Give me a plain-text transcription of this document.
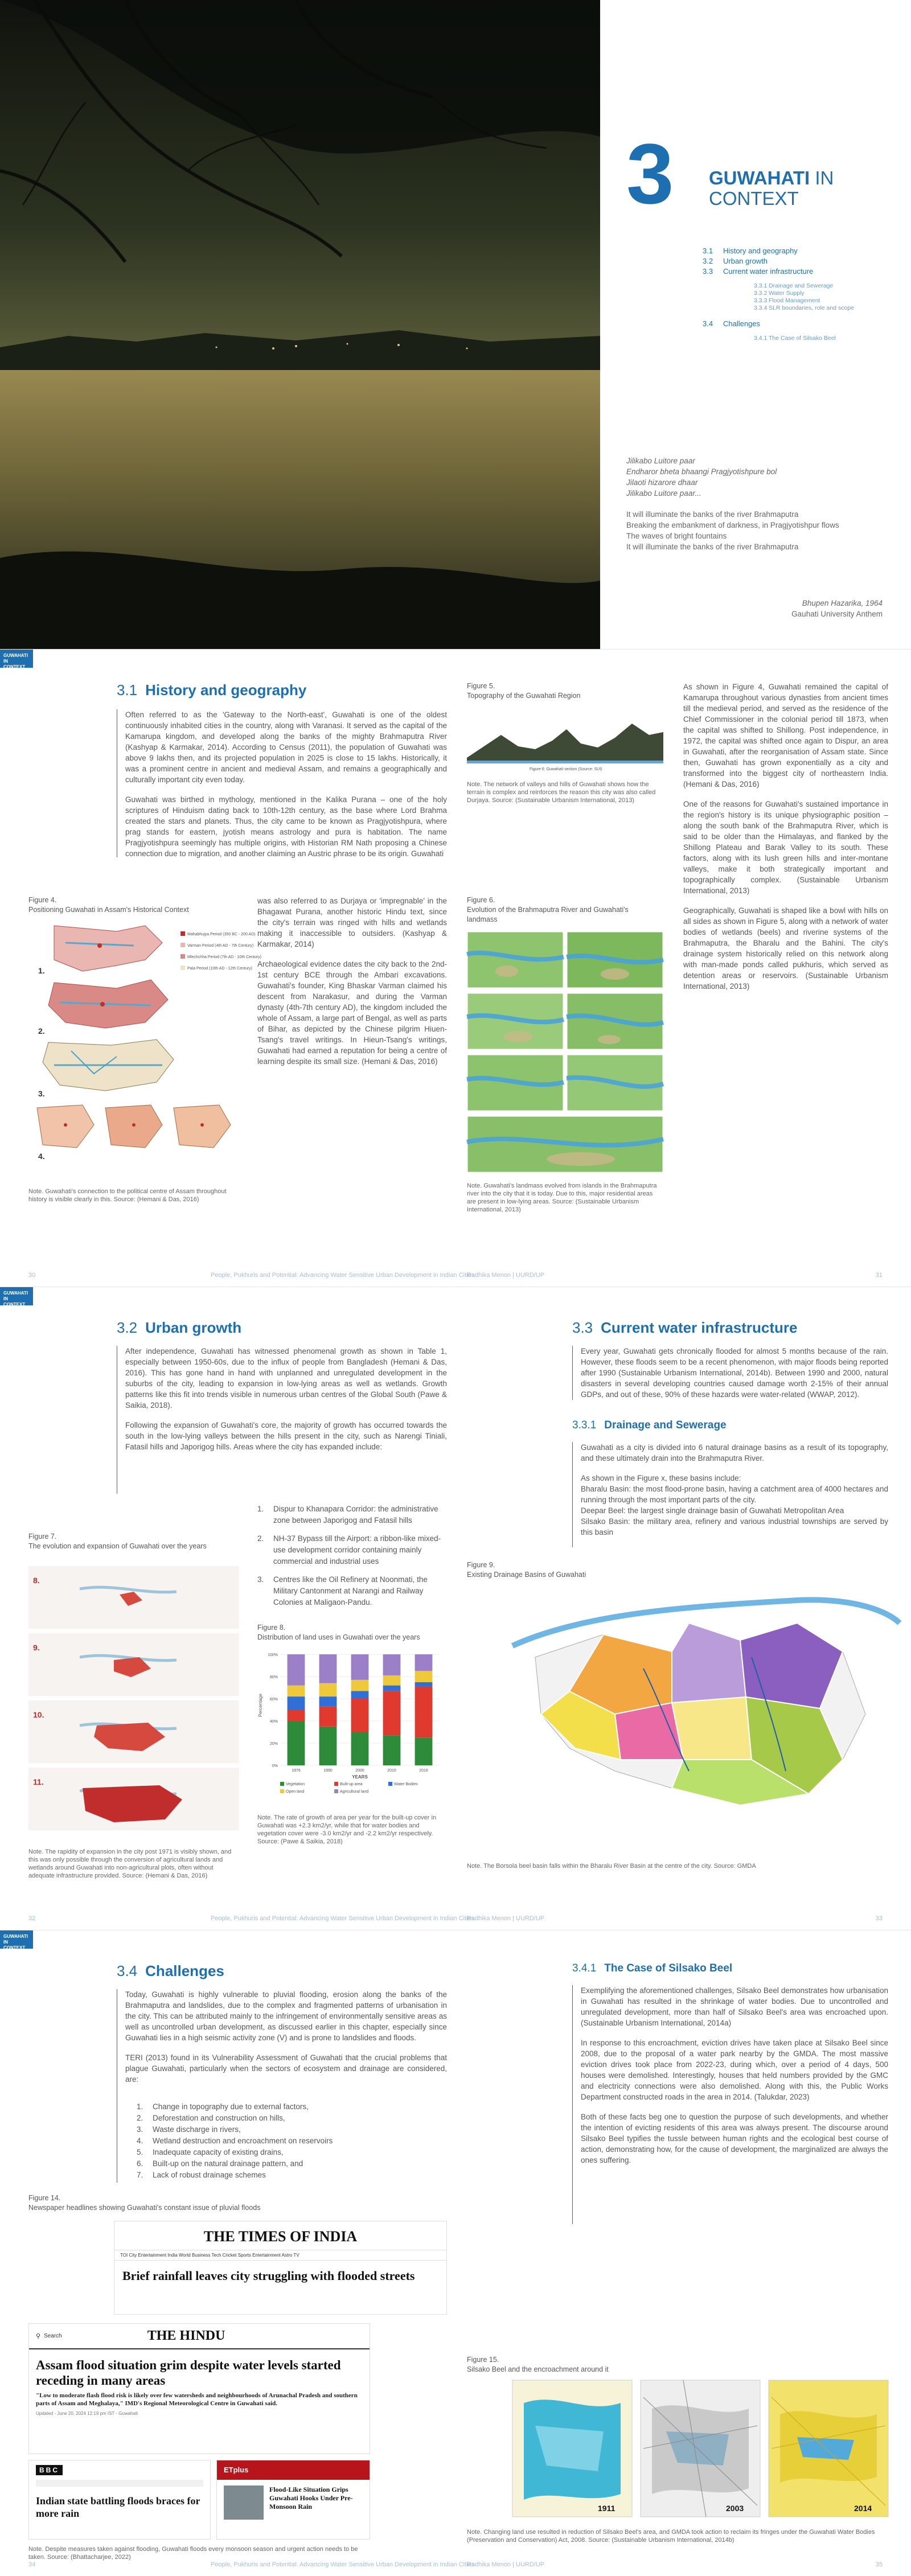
3 GUWAHATI IN
CONTEXT
3.1	History and geography
3.2	Urban growth
3.3	Current water infrastructure
3.3.1 Drainage and Sewerage
3.3.2 Water Supply
3.3.3 Flood Management
3.3.4 SLR boundaries, role and scope
3.4	Challenges
3.4.1 The Case of Silsako Beel
Jilikabo Luitore paar
Endharor bheta bhaangi Pragjyotishpure bol
Jilaoti hizarore dhaar
Jilikabo Luitore paar...
It will illuminate the banks of the river Brahmaputra
Breaking the embankment of darkness, in Pragjyotishpur flows
The waves of bright fountains
It will illuminate the banks of the river Brahmaputra
Bhupen Hazarika, 1964
Gauhati University Anthem
GUWAHATI IN
CONTEXT
3.1 History and geography

Often referred to as the 'Gateway to the North-east', Guwahati is one of the oldest continuously inhabited cities in the country, along with Varanasi. It served as the capital of the Kamarupa kingdom, and developed along the banks of the mighty Brahmaputra River (Kashyap & Karmakar, 2014). According to Census (2011), the population of Guwahati was above 9 lakhs then, and its projected population in 2025 is close to 15 lakhs. Historically, it was a prominent centre in ancient and medieval Assam, and remains a geographically and culturally important city even today.

Guwahati was birthed in mythology, mentioned in the Kalika Purana – one of the holy scriptures of Hinduism dating back to 10th-12th century, as the base where Lord Brahma created the stars and planets. Thus, the city came to be known as Pragjyotishpura, where prag stands for eastern, jyotish means astrology and pura is habitation. The name Pragjyotishpura seemingly has multiple origins, with Historian RM Nath proposing a Chinese connection due to migration, and another claiming an Austric phrase to be its origin. Guwahati

Figure 4.
Positioning Guwahati in Assam's Historical Context
1.
2.
3.
4.
Mahabhujya Period (350 BC - 200 AD)
Varman Period (4th AD - 7th Century)
Mlechchha Period (7th AD - 10th Century)
Pala Period (10th AD - 12th Century)
Note. Guwahati's connection to the political centre of Assam throughout history is visible clearly in this. Source: (Hemani & Das, 2016)

was also referred to as Durjaya or 'impregnable' in the Bhagawat Purana, another historic Hindu text, since the city's terrain was ringed with hills and wetlands making it inaccessible to outsiders. (Kashyap & Karmakar, 2014)

Archaeological evidence dates the city back to the 2nd-1st century BCE through the Ambari excavations. Guwahati's founder, King Bhaskar Varman claimed his descent from Narakasur, and during the Varman dynasty (4th-7th century AD), the kingdom included the whole of Assam, a large part of Bengal, as well as parts of Bihar, as depicted by the Chinese pilgrim Hiuen-Tsang's travel writings. In Hieun-Tsang's writings, Guwahati had earned a reputation for being a centre of learning despite its small size. (Hemani & Das, 2016)

Figure 5.
Topography of the Guwahati Region
Figure 6: Guwahati section (Source: SUI)
Note. The network of valleys and hills of Guwahati shows how the terrain is complex and reinforces the reason this city was also called Durjaya. Source: (Sustainable Urbanism International, 2013)
Figure 6.
Evolution of the Brahmaputra River and Guwahati's landmass
Note. Guwahati's landmass evolved from islands in the Brahmaputra river into the city that it is today. Due to this, major residential areas are present in low-lying areas. Source: (Sustainable Urbanism International, 2013)

As shown in Figure 4, Guwahati remained the capital of Kamarupa throughout various dynasties from ancient times till the medieval period, and served as the residence of the Chief Commissioner in the colonial period till 1873, when the capital was shifted to Shillong. Post independence, in 1972, the capital was shifted once again to Dispur, an area in Guwahati, after the reorganisation of Assam state. Since then, Guwahati has grown exponentially as a city and transformed into the biggest city of northeastern India. (Hemani & Das, 2016)

One of the reasons for Guwahati's sustained importance in the region's history is its unique physiographic position – along the south bank of the Brahmaputra River, which is said to be older than the Himalayas, and flanked by the Shillong Plateau and Barak Valley to its south. These factors, along with its lush green hills and inter-montane valleys, make it both strategically important and topographically complex. (Sustainable Urbanism International, 2013)

Geographically, Guwahati is shaped like a bowl with hills on all sides as shown in Figure 5, along with a network of water bodies of wetlands (beels) and riverine systems of the Brahmaputra, the Bharalu and the Bahini. The city's drainage system historically relied on this network along with man-made ponds called pukhuris, which served as detention areas or reservoirs. (Sustainable Urbanism International, 2013)

30	People, Pukhuris and Potential: Advancing Water Sensitive Urban Development in Indian Cities
Radhika Menon | UURD/UP	31
GUWAHATI IN
CONTEXT
3.2 Urban growth

After independence, Guwahati has witnessed phenomenal growth as shown in Table 1, especially between 1950-60s, due to the influx of people from Bangladesh (Hemani & Das, 2016). This has gone hand in hand with unplanned and unregulated development in the suburbs of the city, leading to expansion in low-lying areas as well as wetlands. Growth patterns like this fit into trends visible in numerous urban centres of the Global South (Pawe & Saikia, 2018).

Following the expansion of Guwahati's core, the majority of growth has occurred towards the south in the low-lying valleys between the hills present in the city, such as Narengi Tiniali, Fatasil hills and Japorigog hills. Areas where the city has expanded include:

1.	Dispur to Khanapara Corridor: the administrative zone between Japorigog and Fatasil hills
2.	NH-37 Bypass till the Airport: a ribbon-like mixed-use development corridor containing mainly commercial and industrial uses
3.	Centres like the Oil Refinery at Noonmati, the Military Cantonment at Narangi and Railway Colonies at Maligaon-Pandu.
Figure 7.
The evolution and expansion of Guwahati over the years
8.
9.
10.
11.
Note. The rapidity of expansion in the city post 1971 is visibly shown, and this was only possible through the conversion of agricultural lands and wetlands around Guwahati into non-agricultural plots, often without adequate infrastructure provided. Source: (Hemani & Das, 2016)
Figure 8.
Distribution of land uses in Guwahati over the years
Percentage
YEARS
Vegetation	Built-up area	Water Bodies
Open land	Agricultural land
0%
20%
40%
60%
80%
100%
1976	1990	2000	2010	2016
Note. The rate of growth of area per year for the built-up cover in Guwahati was +2.3 km2/yr, while that for water bodies and vegetation cover were -3.0 km2/yr and -2.2 km2/yr respectively. Source: (Pawe & Saikia, 2018)
3.3 Current water infrastructure
Every year, Guwahati gets chronically flooded for almost 5 months because of the rain. However, these floods seem to be a recent phenomenon, with major floods being reported after 1990 (Sustainable Urbanism International, 2014b). Between 1990 and 2000, natural disasters in several developing countries caused damage worth 2-15% of their annual GDPs, and out of these, 90% of these hazards were water-related (WWAP, 2012).
3.3.1 Drainage and Sewerage

Guwahati as a city is divided into 6 natural drainage basins as a result of its topography, and these ultimately drain into the Brahmaputra River.

As shown in the Figure x, these basins include:
Bharalu Basin: the most flood-prone basin, having a catchment area of 4000 hectares and running through the most important parts of the city.
Deepar Beel: the largest single drainage basin of Guwahati Metropolitan Area
Silsako Basin: the military area, refinery and various industrial townships are served by this basin
Figure 9.
Existing Drainage Basins of Guwahati
Note. The Borsola beel basin falls within the Bharalu River Basin at the centre of the city. Source: GMDA
32	People, Pukhuris and Potential: Advancing Water Sensitive Urban Development in Indian Cities
Radhika Menon | UURD/UP	33
GUWAHATI IN
CONTEXT
3.4 Challenges

Today, Guwahati is highly vulnerable to pluvial flooding, erosion along the banks of the Brahmaputra and landslides, due to the complex and fragmented patterns of urbanisation in the city. This can be attributed mainly to the infringement of environmentally sensitive areas as well as uncontrolled urban development, as discussed earlier in this chapter, especially since Guwahati lies in a high seismic activity zone (V) and is prone to landslides and floods.

TERI (2013) found in its Vulnerability Assessment of Guwahati that the crucial problems that plague Guwahati, particularly when the sectors of ecosystem and drainage are considered, are:
1.	Change in topography due to external factors,
2.	Deforestation and construction on hills,
3.	Waste discharge in rivers,
4.	Wetland destruction and encroachment on reservoirs
5.	Inadequate capacity of existing drains,
6.	Built-up on the natural drainage pattern, and
7.	Lack of robust drainage schemes
Figure 14.
Newspaper headlines showing Guwahati's constant issue of pluvial floods
THE TIMES OF INDIA
TOI City Entertainment India World Business Tech Cricket Sports Entertainment Astro TV
Brief rainfall leaves city struggling with flooded streets
⚲ Search	THE HINDU
Assam flood situation grim despite water levels started receding in many areas
"Low to moderate flash flood risk is likely over few watersheds and neighbourhoods of Arunachal Pradesh and southern parts of Assam and Meghalaya," IMD's Regional Meteorological Centre in Guwahati said.
Updated - June 20, 2024 12:19 pm IST - Guwahati
BBC
Indian state battling floods braces for more rain
ETplus
Flood-Like Situation Grips Guwahati Hooks Under Pre-Monsoon Rain
Note. Despite measures taken against flooding, Guwahati floods every monsoon season and urgent action needs to be taken. Source: (Bhattacharjee, 2022)
3.4.1 The Case of Silsako Beel

Exemplifying the aforementioned challenges, Silsako Beel demonstrates how urbanisation in Guwahati has resulted in the shrinkage of water bodies. Due to uncontrolled and unregulated development, more than half of Silsako Beel's area was encroached upon. (Sustainable Urbanism International, 2014a)

In response to this encroachment, eviction drives have taken place at Silsako Beel since 2008, due to the proposal of a water park nearby by the GMDA. The most massive eviction drives took place from 2022-23, during which, over a period of 4 days, 500 houses were demolished. Interestingly, houses that held numbers provided by the GMC and electricity connections were also demolished. Along with this, the Public Works Department constructed roads in the area in 2014. (Talukdar, 2023)

Both of these facts beg one to question the purpose of such developments, and whether the intention of evicting residents of this area was always present. The discourse around Silsako Beel typifies the tussle between human rights and the ecological best course of action, demonstrating how, for the cause of development, the marginalized are always the ones suffering.

Figure 15.
Silsako Beel and the encroachment around it
1911	2003	2014
Note. Changing land use resulted in reduction of Silsako Beel's area, and GMDA took action to reclaim its fringes under the Guwahati Water Bodies (Preservation and Conservation) Act, 2008. Source: (Sustainable Urbanism International, 2014b)
34	People, Pukhuris and Potential: Advancing Water Sensitive Urban Development in Indian Cities
Radhika Menon | UURD/UP	35
